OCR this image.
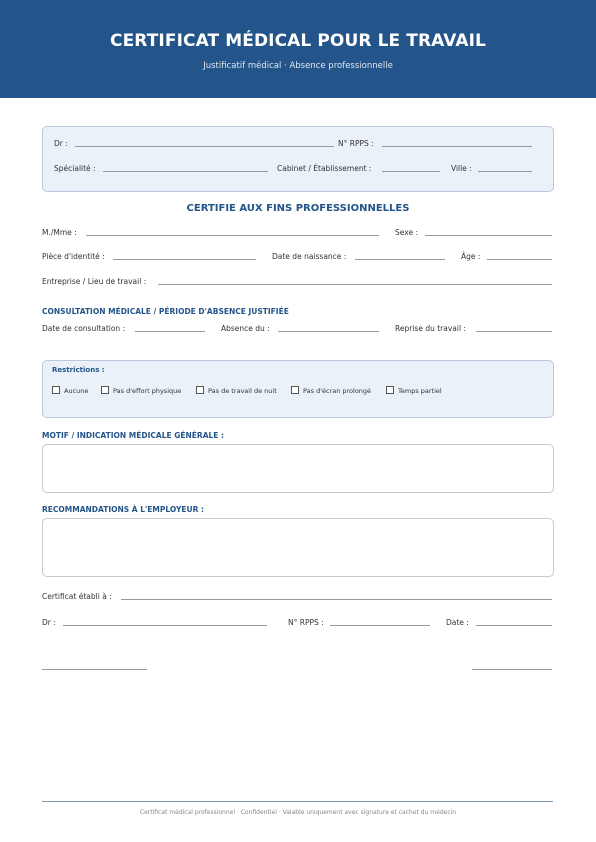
CERTIFICAT MÉDICAL POUR LE TRAVAIL
Justificatif médical · Absence professionnelle
Dr :	N° RPPS :
Spécialité :	Cabinet / Établissement :	Ville :
CERTIFIE AUX FINS PROFESSIONNELLES
M./Mme :	Sexe :
Pièce d'identité :	Date de naissance :	Âge :
Entreprise / Lieu de travail :
CONSULTATION MÉDICALE / PÉRIODE D'ABSENCE JUSTIFIÉE
Date de consultation :	Absence du :	Reprise du travail :
Restrictions :
Aucune	Pas d'effort physique	Pas de travail de nuit	Pas d'écran prolongé	Temps partiel
MOTIF / INDICATION MÉDICALE GÉNÉRALE :
RECOMMANDATIONS À L'EMPLOYEUR :
Certificat établi à :
Dr :	N° RPPS :	Date :
Certificat médical professionnel · Confidentiel · Valable uniquement avec signature et cachet du médecin
